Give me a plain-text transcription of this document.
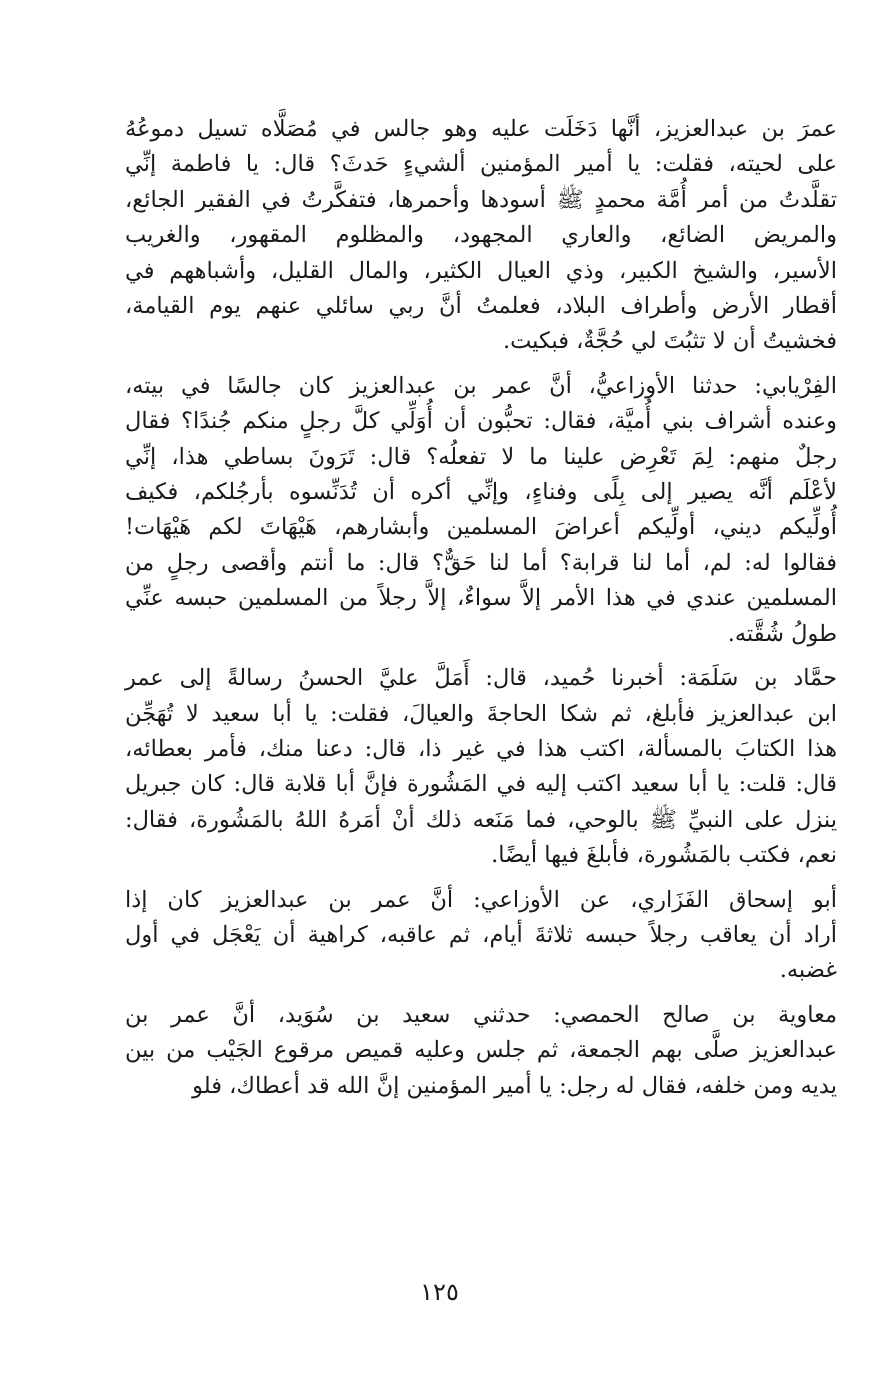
عمرَ بن عبدالعزيز، أنَّها دَخَلَت عليه وهو جالس في مُصَلَّاه تسيل دموعُهُ
على لحيته، فقلت: يا أمير المؤمنين ألشيءٍ حَدثَ؟ قال: يا فاطمة إنِّي
تقلَّدتُ من أمر أُمَّة محمدٍ ﷺ أسودها وأحمرها، فتفكَّرتُ في الفقير الجائع،
والمريض الضائع، والعاري المجهود، والمظلوم المقهور، والغريب
الأسير، والشيخ الكبير، وذي العيال الكثير، والمال القليل، وأشباههم في
أقطار الأرض وأطراف البلاد، فعلمتُ أنَّ ربي سائلي عنهم يوم القيامة،
فخشيتُ أن لا تثبُتَ لي حُجَّةٌ، فبكيت.
الفِرْيابي: حدثنا الأوزاعيُّ، أنَّ عمر بن عبدالعزيز كان جالسًا في بيته،
وعنده أشراف بني أُميَّة، فقال: تحبُّون أن أُوَلِّي كلَّ رجلٍ منكم جُندًا؟ فقال
رجلٌ منهم: لِمَ تَعْرِض علينا ما لا تفعلُه؟ قال: تَرَونَ بساطي هذا، إنِّي
لأعْلَم أنَّه يصير إلى بِلًى وفناءٍ، وإنِّي أكره أن تُدَنِّسوه بأرجُلكم، فكيف
أُولِّيكم ديني، أولِّيكم أعراضَ المسلمين وأبشارهم، هَيْهَاتَ لكم هَيْهَات!
فقالوا له: لم، أما لنا قرابة؟ أما لنا حَقٌّ؟ قال: ما أنتم وأقصى رجلٍ من
المسلمين عندي في هذا الأمر إلاَّ سواءٌ، إلاَّ رجلاً من المسلمين حبسه عنِّي
طولُ شُقَّته.
حمَّاد بن سَلَمَة: أخبرنا حُميد، قال: أَمَلَّ عليَّ الحسنُ رسالةً إلى عمر
ابن عبدالعزيز فأبلغ، ثم شكا الحاجةَ والعيالَ، فقلت: يا أبا سعيد لا تُهَجِّن
هذا الكتابَ بالمسألة، اكتب هذا في غير ذا، قال: دعنا منك، فأمر بعطائه،
قال: قلت: يا أبا سعيد اكتب إليه في المَشُورة فإنَّ أبا قلابة قال: كان جبريل
ينزل على النبيِّ ﷺ بالوحي، فما مَنَعه ذلك أنْ أمَرهُ اللهُ بالمَشُورة، فقال:
نعم، فكتب بالمَشُورة، فأبلغَ فيها أيضًا.
أبو إسحاق الفَزَاري، عن الأوزاعي: أنَّ عمر بن عبدالعزيز كان إذا
أراد أن يعاقب رجلاً حبسه ثلاثةَ أيام، ثم عاقبه، كراهية أن يَعْجَل في أول
غضبه.
معاوية بن صالح الحمصي: حدثني سعيد بن سُوَيد، أنَّ عمر بن
عبدالعزيز صلَّى بهم الجمعة، ثم جلس وعليه قميص مرقوع الجَيْب من بين
يديه ومن خلفه، فقال له رجل: يا أمير المؤمنين إنَّ الله قد أعطاك، فلو
١٢٥
